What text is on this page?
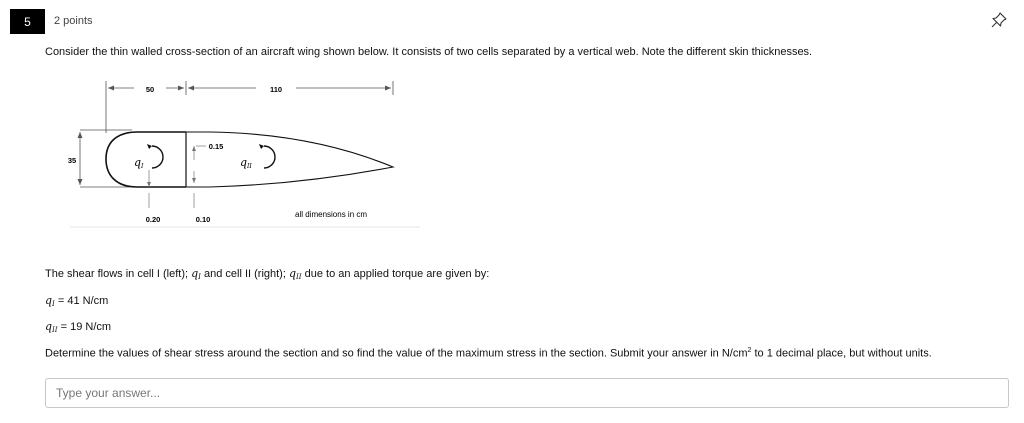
5 2 points
Consider the thin walled cross-section of an aircraft wing shown below. It consists of two cells separated by a vertical web. Note the different skin thicknesses.
50	110
35
0.15
0.20	0.10
qI	qII
all dimensions in cm
The shear flows in cell I (left); $q_I$ and cell II (right); $q_{II}$ due to an applied torque are given by:
$q_I = 41$ N/cm
$q_{II} = 19$ N/cm
Determine the values of shear stress around the section and so find the value of the maximum stress in the section. Submit your answer in $N/cm^2$ to 1 decimal place, but without units.
Type your answer...
